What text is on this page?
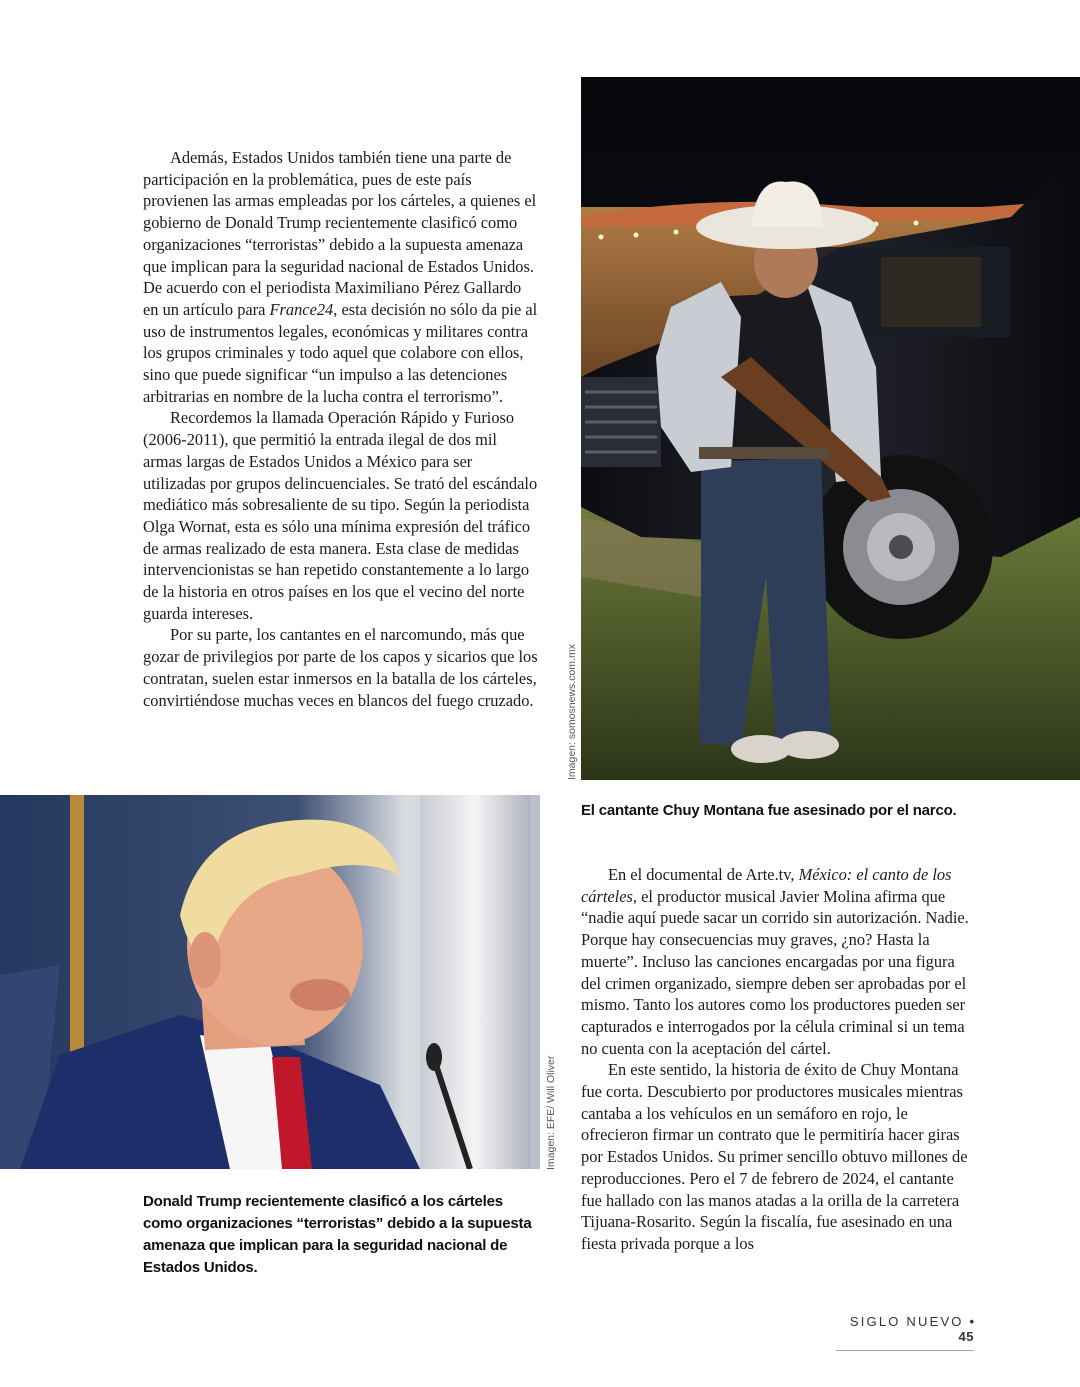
Además, Estados Unidos también tiene una parte de participación en la problemática, pues de este país provienen las armas empleadas por los cárteles, a quienes el gobierno de Donald Trump recientemente clasificó como organizaciones “terroristas” debido a la supuesta amenaza que implican para la seguridad nacional de Estados Unidos. De acuerdo con el periodista Maximiliano Pérez Gallardo en un artículo para France24, esta decisión no sólo da pie al uso de instrumentos legales, económicas y militares contra los grupos criminales y todo aquel que colabore con ellos, sino que puede significar “un impulso a las detenciones arbitrarias en nombre de la lucha contra el terrorismo”.

Recordemos la llamada Operación Rápido y Furioso (2006-2011), que permitió la entrada ilegal de dos mil armas largas de Estados Unidos a México para ser utilizadas por grupos delincuenciales. Se trató del escándalo mediático más sobresaliente de su tipo. Según la periodista Olga Wornat, esta es sólo una mínima expresión del tráfico de armas realizado de esta manera. Esta clase de medidas intervencionistas se han repetido constantemente a lo largo de la historia en otros países en los que el vecino del norte guarda intereses.

Por su parte, los cantantes en el narcomundo, más que gozar de privilegios por parte de los capos y sicarios que los contratan, suelen estar inmersos en la batalla de los cárteles, convirtiéndose muchas veces en blancos del fuego cruzado.	Imagen: somosnews.com.mx
El cantante Chuy Montana fue asesinado por el narco.
Imagen: EFE/ Will Oliver
Donald Trump recientemente clasificó a los cárteles como organizaciones “terroristas” debido a la supuesta amenaza que implican para la seguridad nacional de Estados Unidos.

En el documental de Arte.tv, México: el canto de los cárteles, el productor musical Javier Molina afirma que “nadie aquí puede sacar un corrido sin autorización. Nadie. Porque hay consecuencias muy graves, ¿no? Hasta la muerte”. Incluso las canciones encargadas por una figura del crimen organizado, siempre deben ser aprobadas por el mismo. Tanto los autores como los productores pueden ser capturados e interrogados por la célula criminal si un tema no cuenta con la aceptación del cártel.

En este sentido, la historia de éxito de Chuy Montana fue corta. Descubierto por productores musicales mientras cantaba a los vehículos en un semáforo en rojo, le ofrecieron firmar un contrato que le permitiría hacer giras por Estados Unidos. Su primer sencillo obtuvo millones de reproducciones. Pero el 7 de febrero de 2024, el cantante fue hallado con las manos atadas a la orilla de la carretera Tijuana-Rosarito. Según la fiscalía, fue asesinado en una fiesta privada porque a los

SIGLO NUEVO • 45
